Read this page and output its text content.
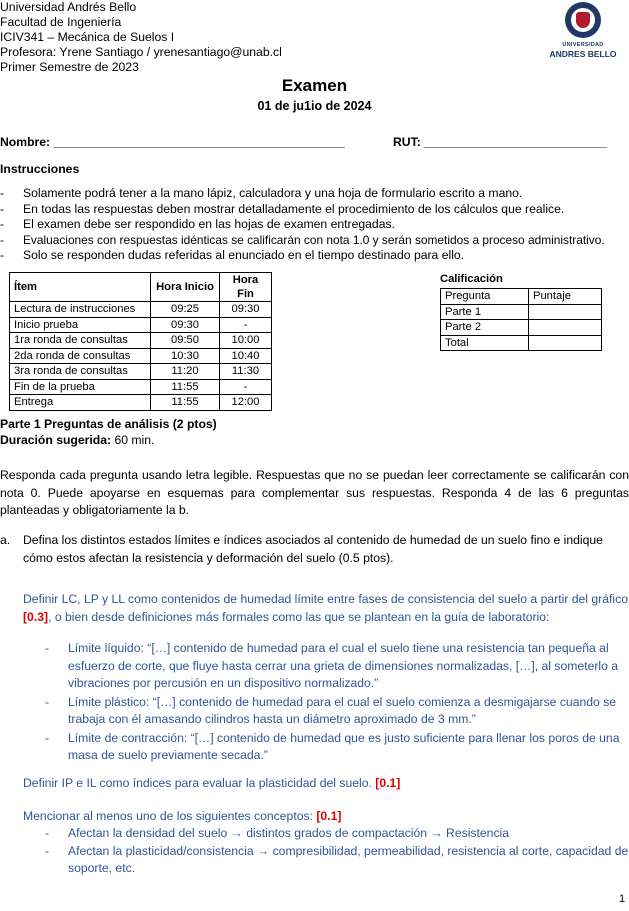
Universidad Andrés Bello
Facultad de Ingeniería
ICIV341 – Mecánica de Suelos I
Profesora: Yrene Santiago / yrenesantiago@unab.cl
Primer Semestre de 2023
UNIVERSIDAD
ANDRES BELLO
Examen
01 de ju1io de 2024
Nombre: ___________________________________________	RUT: ___________________________
Instrucciones
- Solamente podrá tener a la mano lápiz, calculadora y una hoja de formulario escrito a mano.
- En todas las respuestas deben mostrar detalladamente el procedimiento de los cálculos que realice.
- El examen debe ser respondido en las hojas de examen entregadas.
- Evaluaciones con respuestas idénticas se calificarán con nota 1.0 y serán sometidos a proceso administrativo.
- Solo se responden dudas referidas al enunciado en el tiempo destinado para ello.
Ítem	Hora Inicio	Hora Fin
Lectura de instrucciones	09:25	09:30
Inicio prueba	09:30	-
1ra ronda de consultas	09:50	10:00
2da ronda de consultas	10:30	10:40
3ra ronda de consultas	11:20	11:30
Fin de la prueba	11:55	-
Entrega	11:55	12:00
Calificación
Pregunta	Puntaje
Parte 1	
Parte 2	
Total	
Parte 1 Preguntas de análisis (2 ptos)
Duración sugerida: 60 min.
Responda cada pregunta usando letra legible. Respuestas que no se puedan leer correctamente se calificarán con nota 0. Puede apoyarse en esquemas para complementar sus respuestas. Responda 4 de las 6 preguntas planteadas y obligatoriamente la b.
a. Defina los distintos estados límites e índices asociados al contenido de humedad de un suelo fino e indique cómo estos afectan la resistencia y deformación del suelo (0.5 ptos).
Definir LC, LP y LL como contenidos de humedad límite entre fases de consistencia del suelo a partir del gráfico [0.3], o bien desde definiciones más formales como las que se plantean en la guía de laboratorio:
- Límite líquido: “[…] contenido de humedad para el cual el suelo tiene una resistencia tan pequeña al esfuerzo de corte, que fluye hasta cerrar una grieta de dimensiones normalizadas, […], al someterlo a vibraciones por percusión en un dispositivo normalizado.”
- Límite plástico: “[…] contenido de humedad para el cual el suelo comienza a desmigajarse cuando se trabaja con él amasando cilindros hasta un diámetro aproximado de 3 mm.”
- Límite de contracción: “[…] contenido de humedad que es justo suficiente para llenar los poros de una masa de suelo previamente secada.”
Definir IP e IL como índices para evaluar la plasticidad del suelo. [0.1]
Mencionar al menos uno de los siguientes conceptos: [0.1]
- Afectan la densidad del suelo → distintos grados de compactación → Resistencia
- Afectan la plasticidad/consistencia → compresibilidad, permeabilidad, resistencia al corte, capacidad de soporte, etc.
1
